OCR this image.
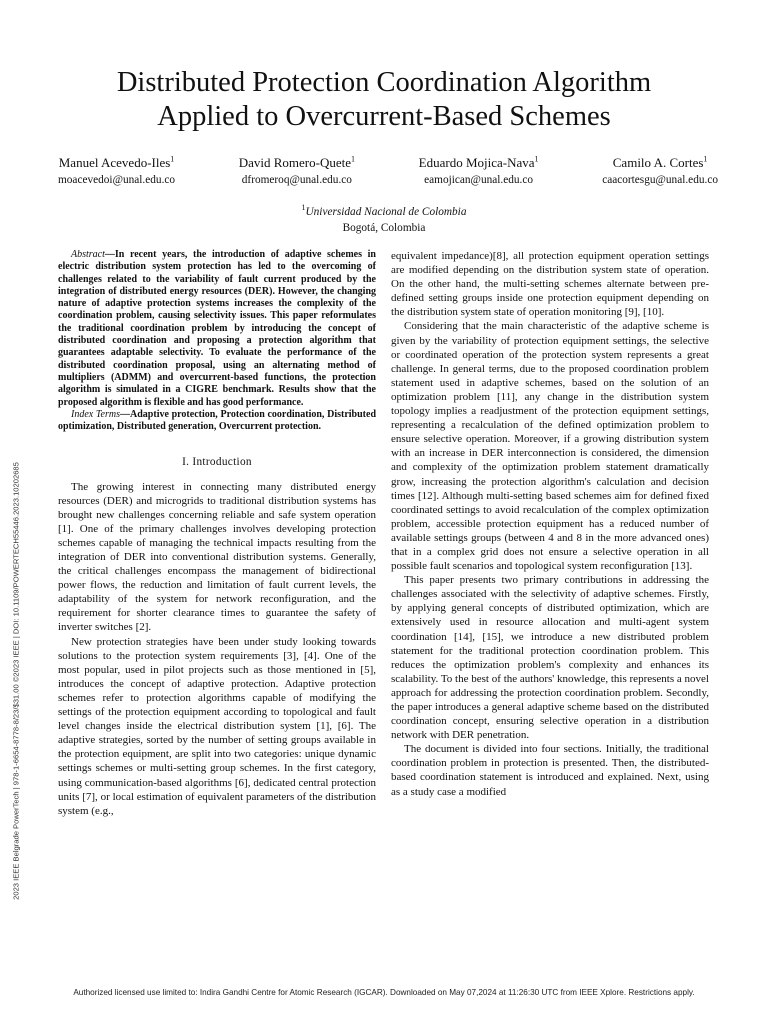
2023 IEEE Belgrade PowerTech | 978-1-6654-8778-8/23/$31.00 ©2023 IEEE | DOI: 10.1109/POWERTECH55446.2023.10202685
Distributed Protection Coordination Algorithm
Applied to Overcurrent-Based Schemes
Manuel Acevedo-Iles$^1$
moacevedoi@unal.edu.co
David Romero-Quete$^1$
dfromeroq@unal.edu.co
Eduardo Mojica-Nava$^1$
eamojican@unal.edu.co
Camilo A. Cortes$^1$
caacortesgu@unal.edu.co
$^1$Universidad Nacional de Colombia
Bogotá, Colombia

Abstract—In recent years, the introduction of adaptive schemes in electric distribution system protection has led to the overcoming of challenges related to the variability of fault current produced by the integration of distributed energy resources (DER). However, the changing nature of adaptive protection systems increases the complexity of the coordination problem, causing selectivity issues. This paper reformulates the traditional coordination problem by introducing the concept of distributed coordination and proposing a protection algorithm that guarantees adaptable selectivity. To evaluate the performance of the distributed coordination proposal, using an alternating method of multipliers (ADMM) and overcurrent-based functions, the protection algorithm is simulated in a CIGRE benchmark. Results show that the proposed algorithm is flexible and has good performance.

Index Terms—Adaptive protection, Protection coordination, Distributed optimization, Distributed generation, Overcurrent protection.

I. Introduction

The growing interest in connecting many distributed energy resources (DER) and microgrids to traditional distribution systems has brought new challenges concerning reliable and safe system operation [1]. One of the primary challenges involves developing protection schemes capable of managing the technical impacts resulting from the integration of DER into conventional distribution systems. Generally, the critical challenges encompass the management of bidirectional power flows, the reduction and limitation of fault current levels, the adaptability of the system for network reconfiguration, and the requirement for shorter clearance times to guarantee the safety of inverter switches [2].

New protection strategies have been under study looking towards solutions to the protection system requirements [3], [4]. One of the most popular, used in pilot projects such as those mentioned in [5], introduces the concept of adaptive protection. Adaptive protection schemes refer to protection algorithms capable of modifying the settings of the protection equipment according to topological and fault level changes inside the electrical distribution system [1], [6]. The adaptive strategies, sorted by the number of setting groups available in the protection equipment, are split into two categories: unique dynamic settings schemes or multi-setting group schemes. In the first category, using communication-based algorithms [6], dedicated central protection units [7], or local estimation of equivalent parameters of the distribution system (e.g.,

equivalent impedance)[8], all protection equipment operation settings are modified depending on the distribution system state of operation. On the other hand, the multi-setting schemes alternate between pre-defined setting groups inside one protection equipment depending on the distribution system state of operation monitoring [9], [10].

Considering that the main characteristic of the adaptive scheme is given by the variability of protection equipment settings, the selective or coordinated operation of the protection system represents a great challenge. In general terms, due to the proposed coordination problem statement used in adaptive schemes, based on the solution of an optimization problem [11], any change in the distribution system topology implies a readjustment of the protection equipment settings, representing a recalculation of the defined optimization problem to ensure selective operation. Moreover, if a growing distribution system with an increase in DER interconnection is considered, the dimension and complexity of the optimization problem statement dramatically grow, increasing the protection algorithm's calculation and decision times [12]. Although multi-setting based schemes aim for defined fixed coordinated settings to avoid recalculation of the complex optimization problem, accessible protection equipment has a reduced number of available settings groups (between 4 and 8 in the more advanced ones) that in a complex grid does not ensure a selective operation in all possible fault scenarios and topological system reconfiguration [13].

This paper presents two primary contributions in addressing the challenges associated with the selectivity of adaptive schemes. Firstly, by applying general concepts of distributed optimization, which are extensively used in resource allocation and multi-agent system coordination [14], [15], we introduce a new distributed problem statement for the traditional protection coordination problem. This reduces the optimization problem's complexity and enhances its scalability. To the best of the authors' knowledge, this represents a novel approach for addressing the protection coordination problem. Secondly, the paper introduces a general adaptive scheme based on the distributed coordination concept, ensuring selective operation in a distribution network with DER penetration.

The document is divided into four sections. Initially, the traditional coordination problem in protection is presented. Then, the distributed-based coordination statement is introduced and explained. Next, using as a study case a modified

Authorized licensed use limited to: Indira Gandhi Centre for Atomic Research (IGCAR). Downloaded on May 07,2024 at 11:26:30 UTC from IEEE Xplore. Restrictions apply.
